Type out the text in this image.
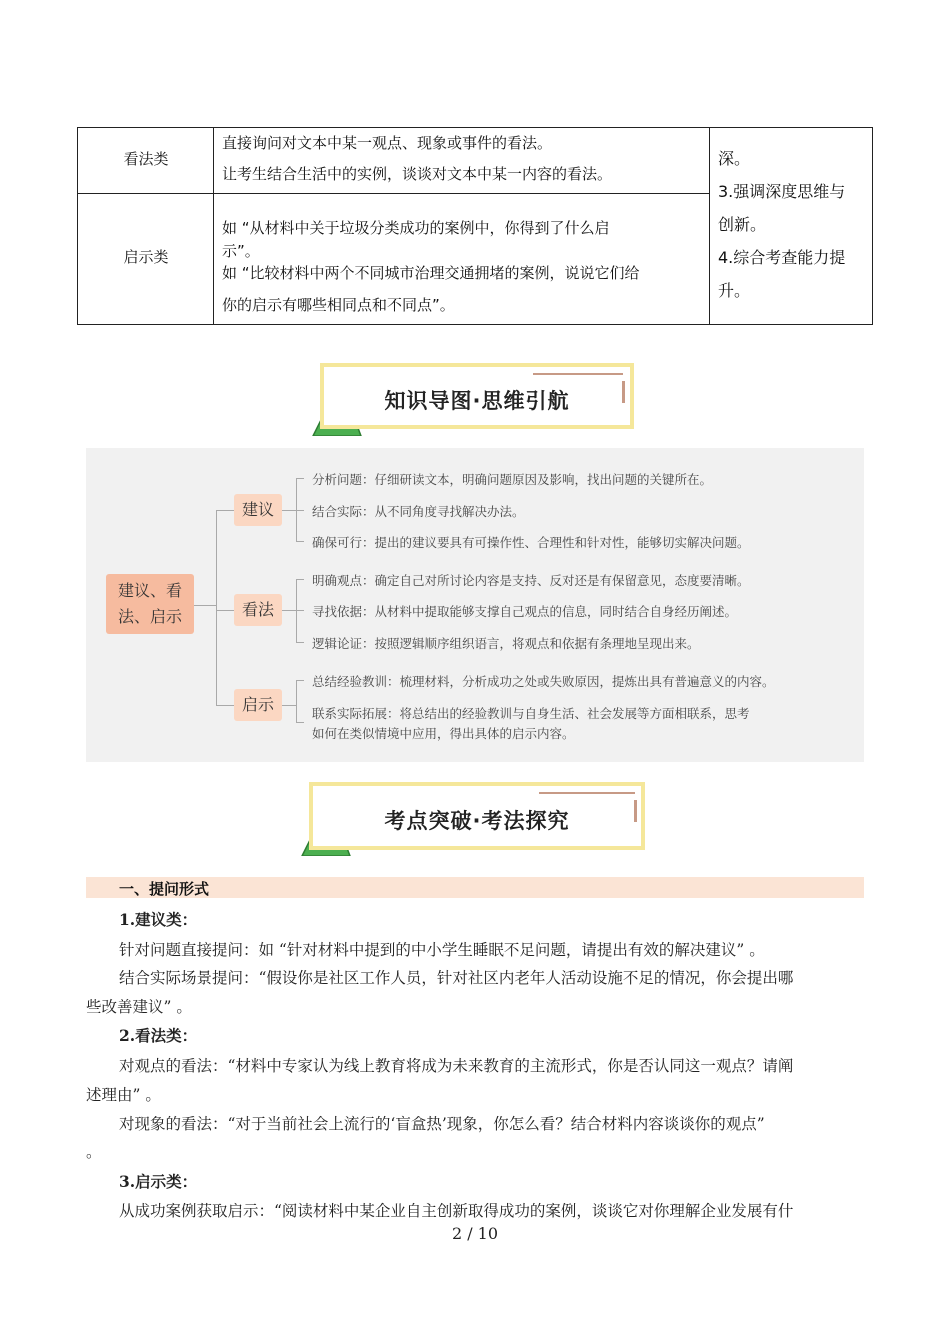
看法类
直接询问对文本中某一观点、现象或事件的看法。
让考生结合生活中的实例，谈谈对文本中某一内容的看法。
启示类
如 “从材料中关于垃圾分类成功的案例中，你得到了什么启
示”。
如 “比较材料中两个不同城市治理交通拥堵的案例，说说它们给
你的启示有哪些相同点和不同点”。
深。
3.强调深度思维与
创新。
4.综合考查能力提
升。
知识导图·思维引航
建议、看
法、启示
建议
分析问题：仔细研读文本，明确问题原因及影响，找出问题的关键所在。
结合实际：从不同角度寻找解决办法。
确保可行：提出的建议要具有可操作性、合理性和针对性，能够切实解决问题。
看法
明确观点：确定自己对所讨论内容是支持、反对还是有保留意见，态度要清晰。
寻找依据：从材料中提取能够支撑自己观点的信息，同时结合自身经历阐述。
逻辑论证：按照逻辑顺序组织语言，将观点和依据有条理地呈现出来。
启示
总结经验教训：梳理材料，分析成功之处或失败原因，提炼出具有普遍意义的内容。
联系实际拓展：将总结出的经验教训与自身生活、社会发展等方面相联系，思考
如何在类似情境中应用，得出具体的启示内容。
考点突破·考法探究
一、提问形式
1.建议类：
针对问题直接提问：如 “针对材料中提到的中小学生睡眠不足问题，请提出有效的解决建议” 。
结合实际场景提问：“假设你是社区工作人员，针对社区内老年人活动设施不足的情况，你会提出哪
些改善建议” 。
2.看法类：
对观点的看法：“材料中专家认为线上教育将成为未来教育的主流形式，你是否认同这一观点？请阐
述理由” 。
对现象的看法：“对于当前社会上流行的‘盲盒热’现象，你怎么看？结合材料内容谈谈你的观点”
。
3.启示类：
从成功案例获取启示：“阅读材料中某企业自主创新取得成功的案例，谈谈它对你理解企业发展有什
2 / 10
